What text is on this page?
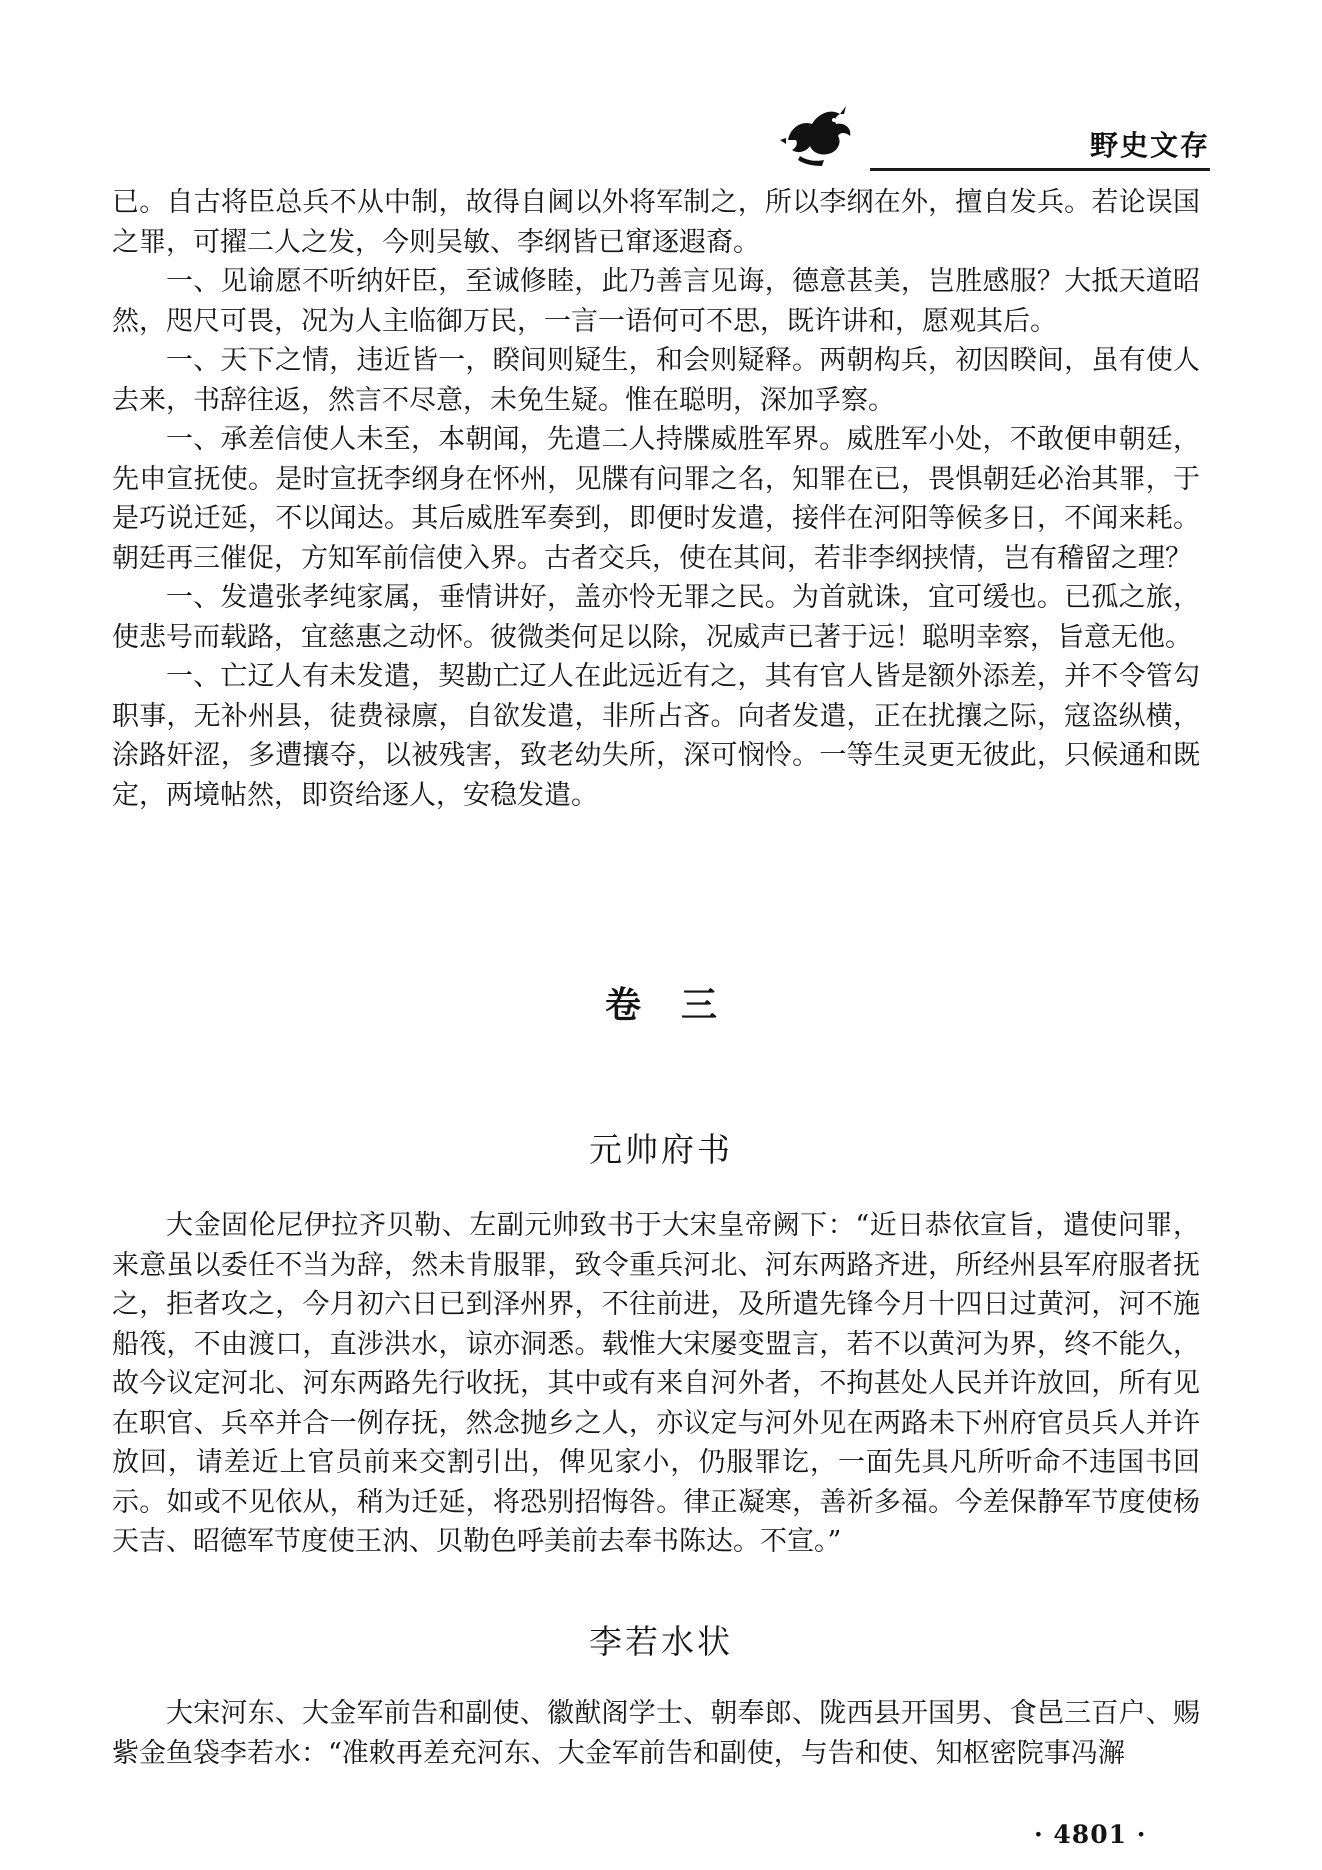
野史文存

已。自古将臣总兵不从中制，故得自阃以外将军制之，所以李纲在外，擅自发兵。若论误国之罪，可擢二人之发，今则吴敏、李纲皆已窜逐遐裔。

一、见谕愿不听纳奸臣，至诚修睦，此乃善言见诲，德意甚美，岂胜感服？大抵天道昭然，咫尺可畏，况为人主临御万民，一言一语何可不思，既许讲和，愿观其后。

一、天下之情，违近皆一，睽间则疑生，和会则疑释。两朝构兵，初因睽间，虽有使人去来，书辞往返，然言不尽意，未免生疑。惟在聪明，深加孚察。

一、承差信使人未至，本朝闻，先遣二人持牒威胜军界。威胜军小处，不敢便申朝廷，先申宣抚使。是时宣抚李纲身在怀州，见牒有问罪之名，知罪在已，畏惧朝廷必治其罪，于是巧说迁延，不以闻达。其后威胜军奏到，即便时发遣，接伴在河阳等候多日，不闻来耗。朝廷再三催促，方知军前信使入界。古者交兵，使在其间，若非李纲挟情，岂有稽留之理？

一、发遣张孝纯家属，垂情讲好，盖亦怜无罪之民。为首就诛，宜可缓也。已孤之旅，使悲号而载路，宜慈惠之动怀。彼微类何足以除，况威声已著于远！聪明幸察，旨意无他。

一、亡辽人有未发遣，契勘亡辽人在此远近有之，其有官人皆是额外添差，并不令管勾职事，无补州县，徒费禄廪，自欲发遣，非所占吝。向者发遣，正在扰攘之际，寇盗纵横，涂路奸涩，多遭攘夺，以被残害，致老幼失所，深可悯怜。一等生灵更无彼此，只候通和既定，两境帖然，即资给逐人，安稳发遣。

卷三
元帅府书

大金固伦尼伊拉齐贝勒、左副元帅致书于大宋皇帝阙下：“近日恭依宣旨，遣使问罪，来意虽以委任不当为辞，然未肯服罪，致令重兵河北、河东两路齐进，所经州县军府服者抚之，拒者攻之，今月初六日已到泽州界，不往前进，及所遣先锋今月十四日过黄河，河不施船筏，不由渡口，直涉洪水，谅亦洞悉。载惟大宋屡变盟言，若不以黄河为界，终不能久，故今议定河北、河东两路先行收抚，其中或有来自河外者，不拘甚处人民并许放回，所有见在职官、兵卒并合一例存抚，然念抛乡之人，亦议定与河外见在两路未下州府官员兵人并许放回，请差近上官员前来交割引出，俾见家小，仍服罪讫，一面先具凡所听命不违国书回示。如或不见依从，稍为迁延，将恐别招悔咎。律正凝寒，善祈多福。今差保静军节度使杨天吉、昭德军节度使王汭、贝勒色呼美前去奉书陈达。不宣。”

李若水状

大宋河东、大金军前告和副使、徽猷阁学士、朝奉郎、陇西县开国男、食邑三百户、赐紫金鱼袋李若水：“准敕再差充河东、大金军前告和副使，与告和使、知枢密院事冯澥

· 4801 ·
